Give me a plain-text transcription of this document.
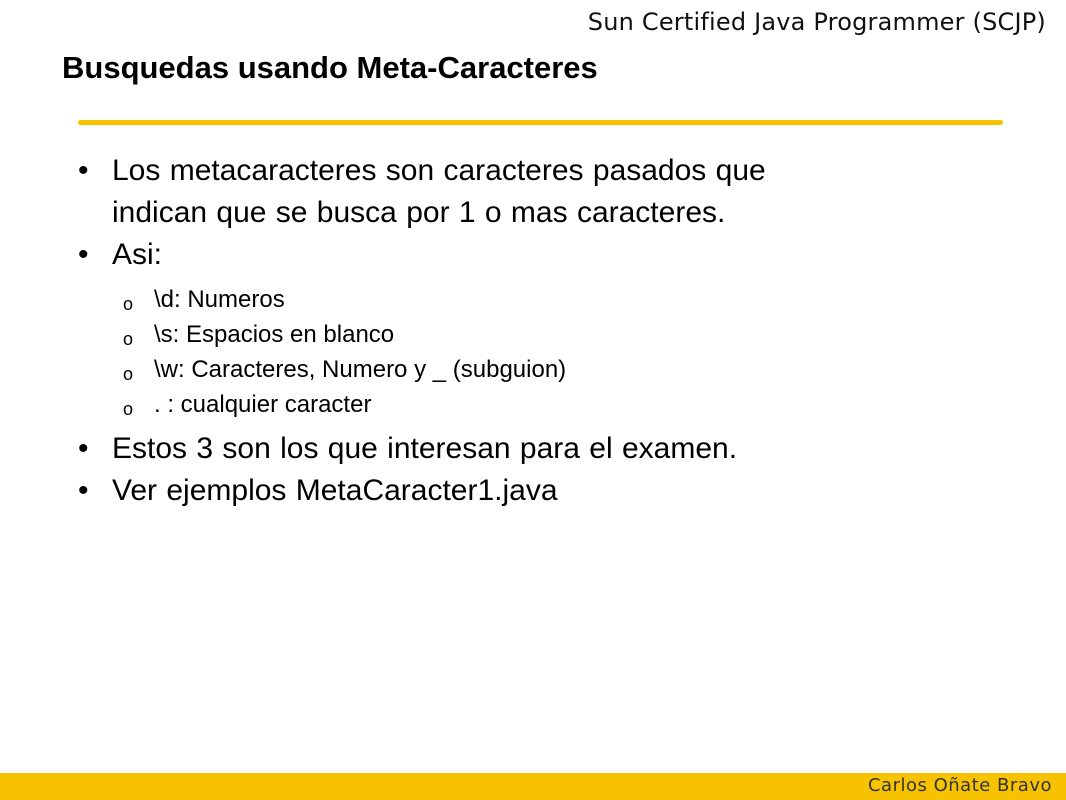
Sun Certified Java Programmer (SCJP)
Busquedas usando Meta-Caracteres
• Los metacaracteres son caracteres pasados que
indican que se busca por 1 o mas caracteres.
• Asi:
o \d: Numeros
o \s: Espacios en blanco
o \w: Caracteres, Numero y _ (subguion)
o . : cualquier caracter
• Estos 3 son los que interesan para el examen.
• Ver ejemplos MetaCaracter1.java
Carlos Oñate Bravo
